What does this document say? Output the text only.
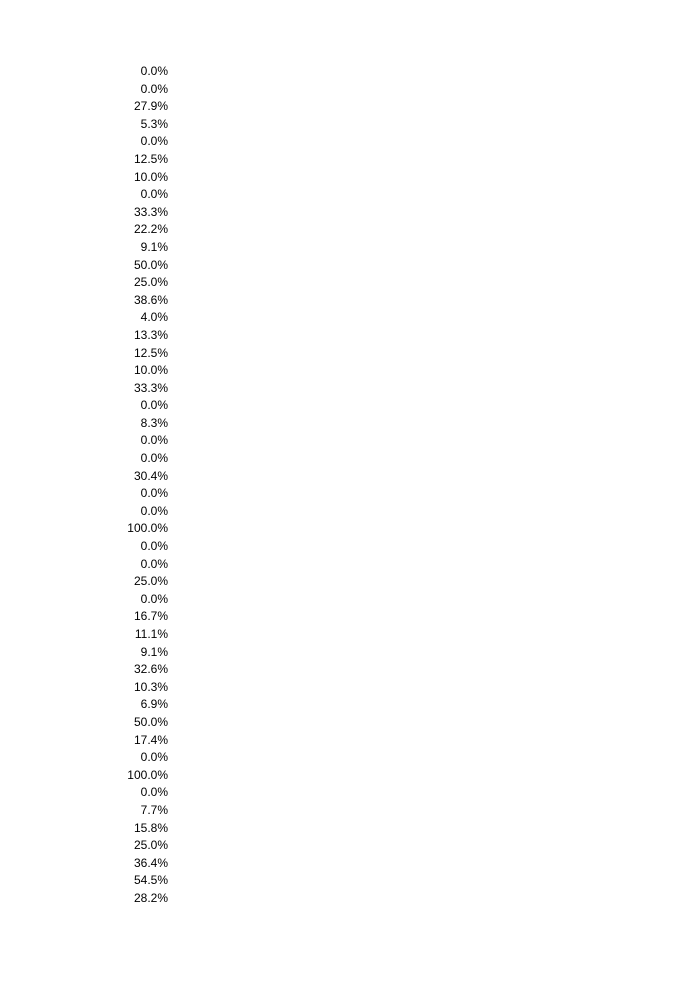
0.0%
0.0%
27.9%
5.3%
0.0%
12.5%
10.0%
0.0%
33.3%
22.2%
9.1%
50.0%
25.0%
38.6%
4.0%
13.3%
12.5%
10.0%
33.3%
0.0%
8.3%
0.0%
0.0%
30.4%
0.0%
0.0%
100.0%
0.0%
0.0%
25.0%
0.0%
16.7%
11.1%
9.1%
32.6%
10.3%
6.9%
50.0%
17.4%
0.0%
100.0%
0.0%
7.7%
15.8%
25.0%
36.4%
54.5%
28.2%
